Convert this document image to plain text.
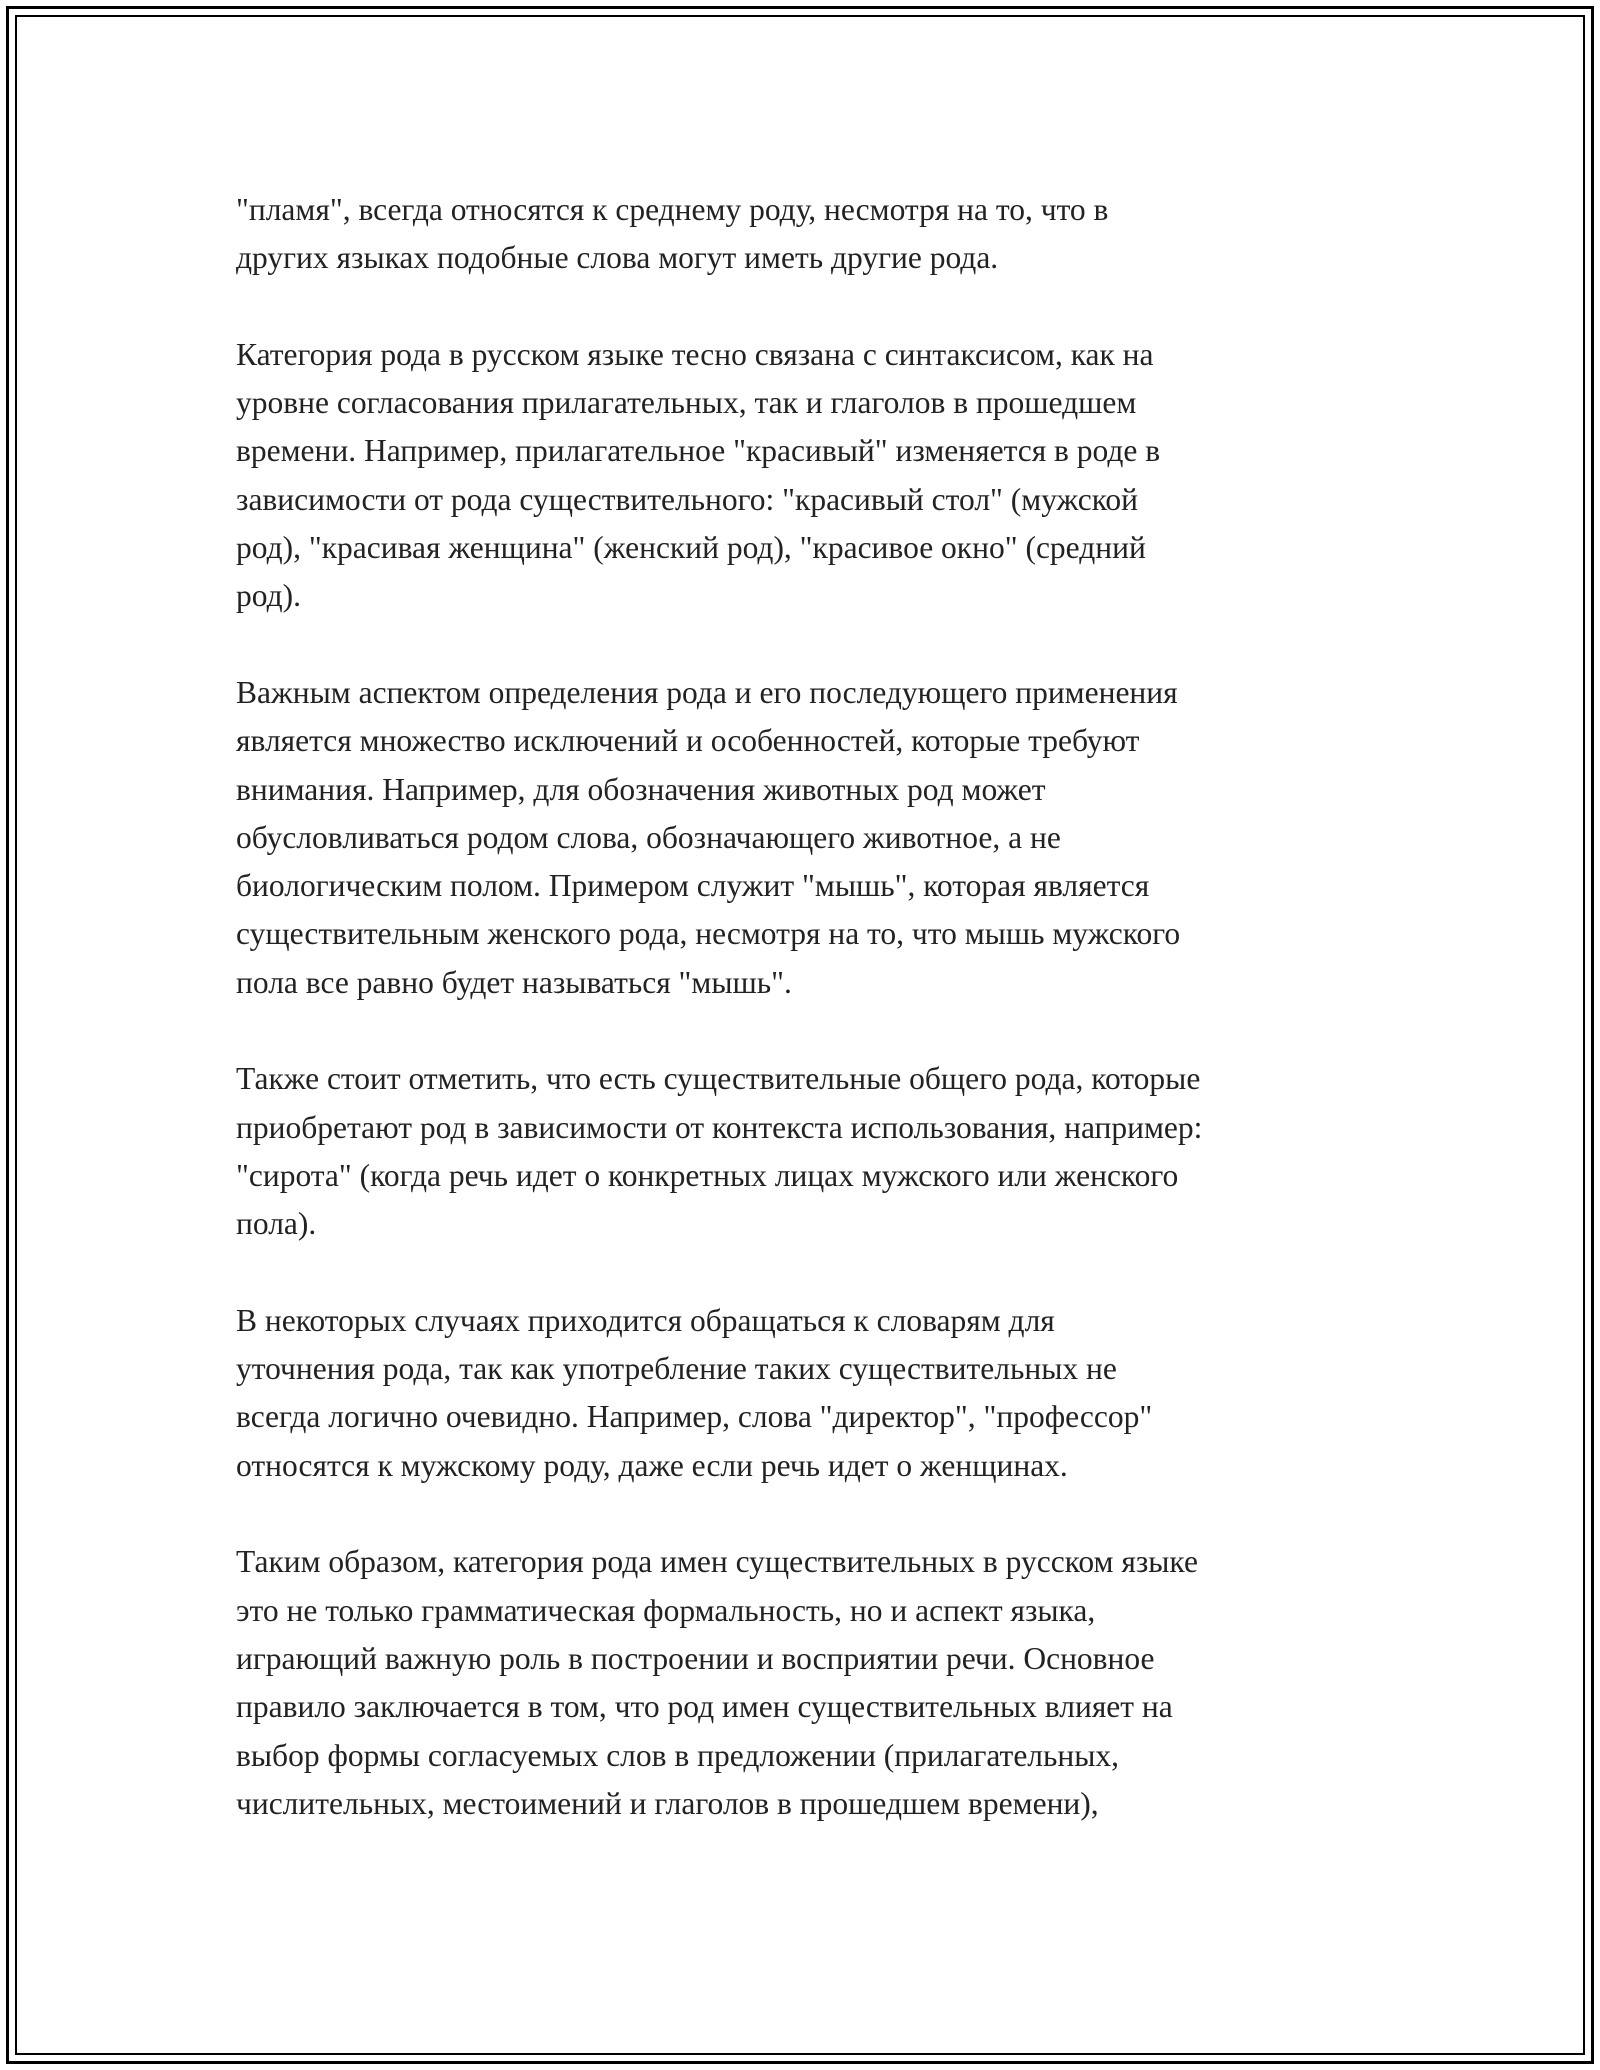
"пламя", всегда относятся к среднему роду, несмотря на то, что в
других языках подобные слова могут иметь другие рода.

Категория рода в русском языке тесно связана с синтаксисом, как на
уровне согласования прилагательных, так и глаголов в прошедшем
времени. Например, прилагательное "красивый" изменяется в роде в
зависимости от рода существительного: "красивый стол" (мужской
род), "красивая женщина" (женский род), "красивое окно" (средний
род).

Важным аспектом определения рода и его последующего применения
является множество исключений и особенностей, которые требуют
внимания. Например, для обозначения животных род может
обусловливаться родом слова, обозначающего животное, а не
биологическим полом. Примером служит "мышь", которая является
существительным женского рода, несмотря на то, что мышь мужского
пола все равно будет называться "мышь".

Также стоит отметить, что есть существительные общего рода, которые
приобретают род в зависимости от контекста использования, например:
"сирота" (когда речь идет о конкретных лицах мужского или женского
пола).

В некоторых случаях приходится обращаться к словарям для
уточнения рода, так как употребление таких существительных не
всегда логично очевидно. Например, слова "директор", "профессор"
относятся к мужскому роду, даже если речь идет о женщинах.

Таким образом, категория рода имен существительных в русском языке
это не только грамматическая формальность, но и аспект языка,
играющий важную роль в построении и восприятии речи. Основное
правило заключается в том, что род имен существительных влияет на
выбор формы согласуемых слов в предложении (прилагательных,
числительных, местоимений и глаголов в прошедшем времени),
